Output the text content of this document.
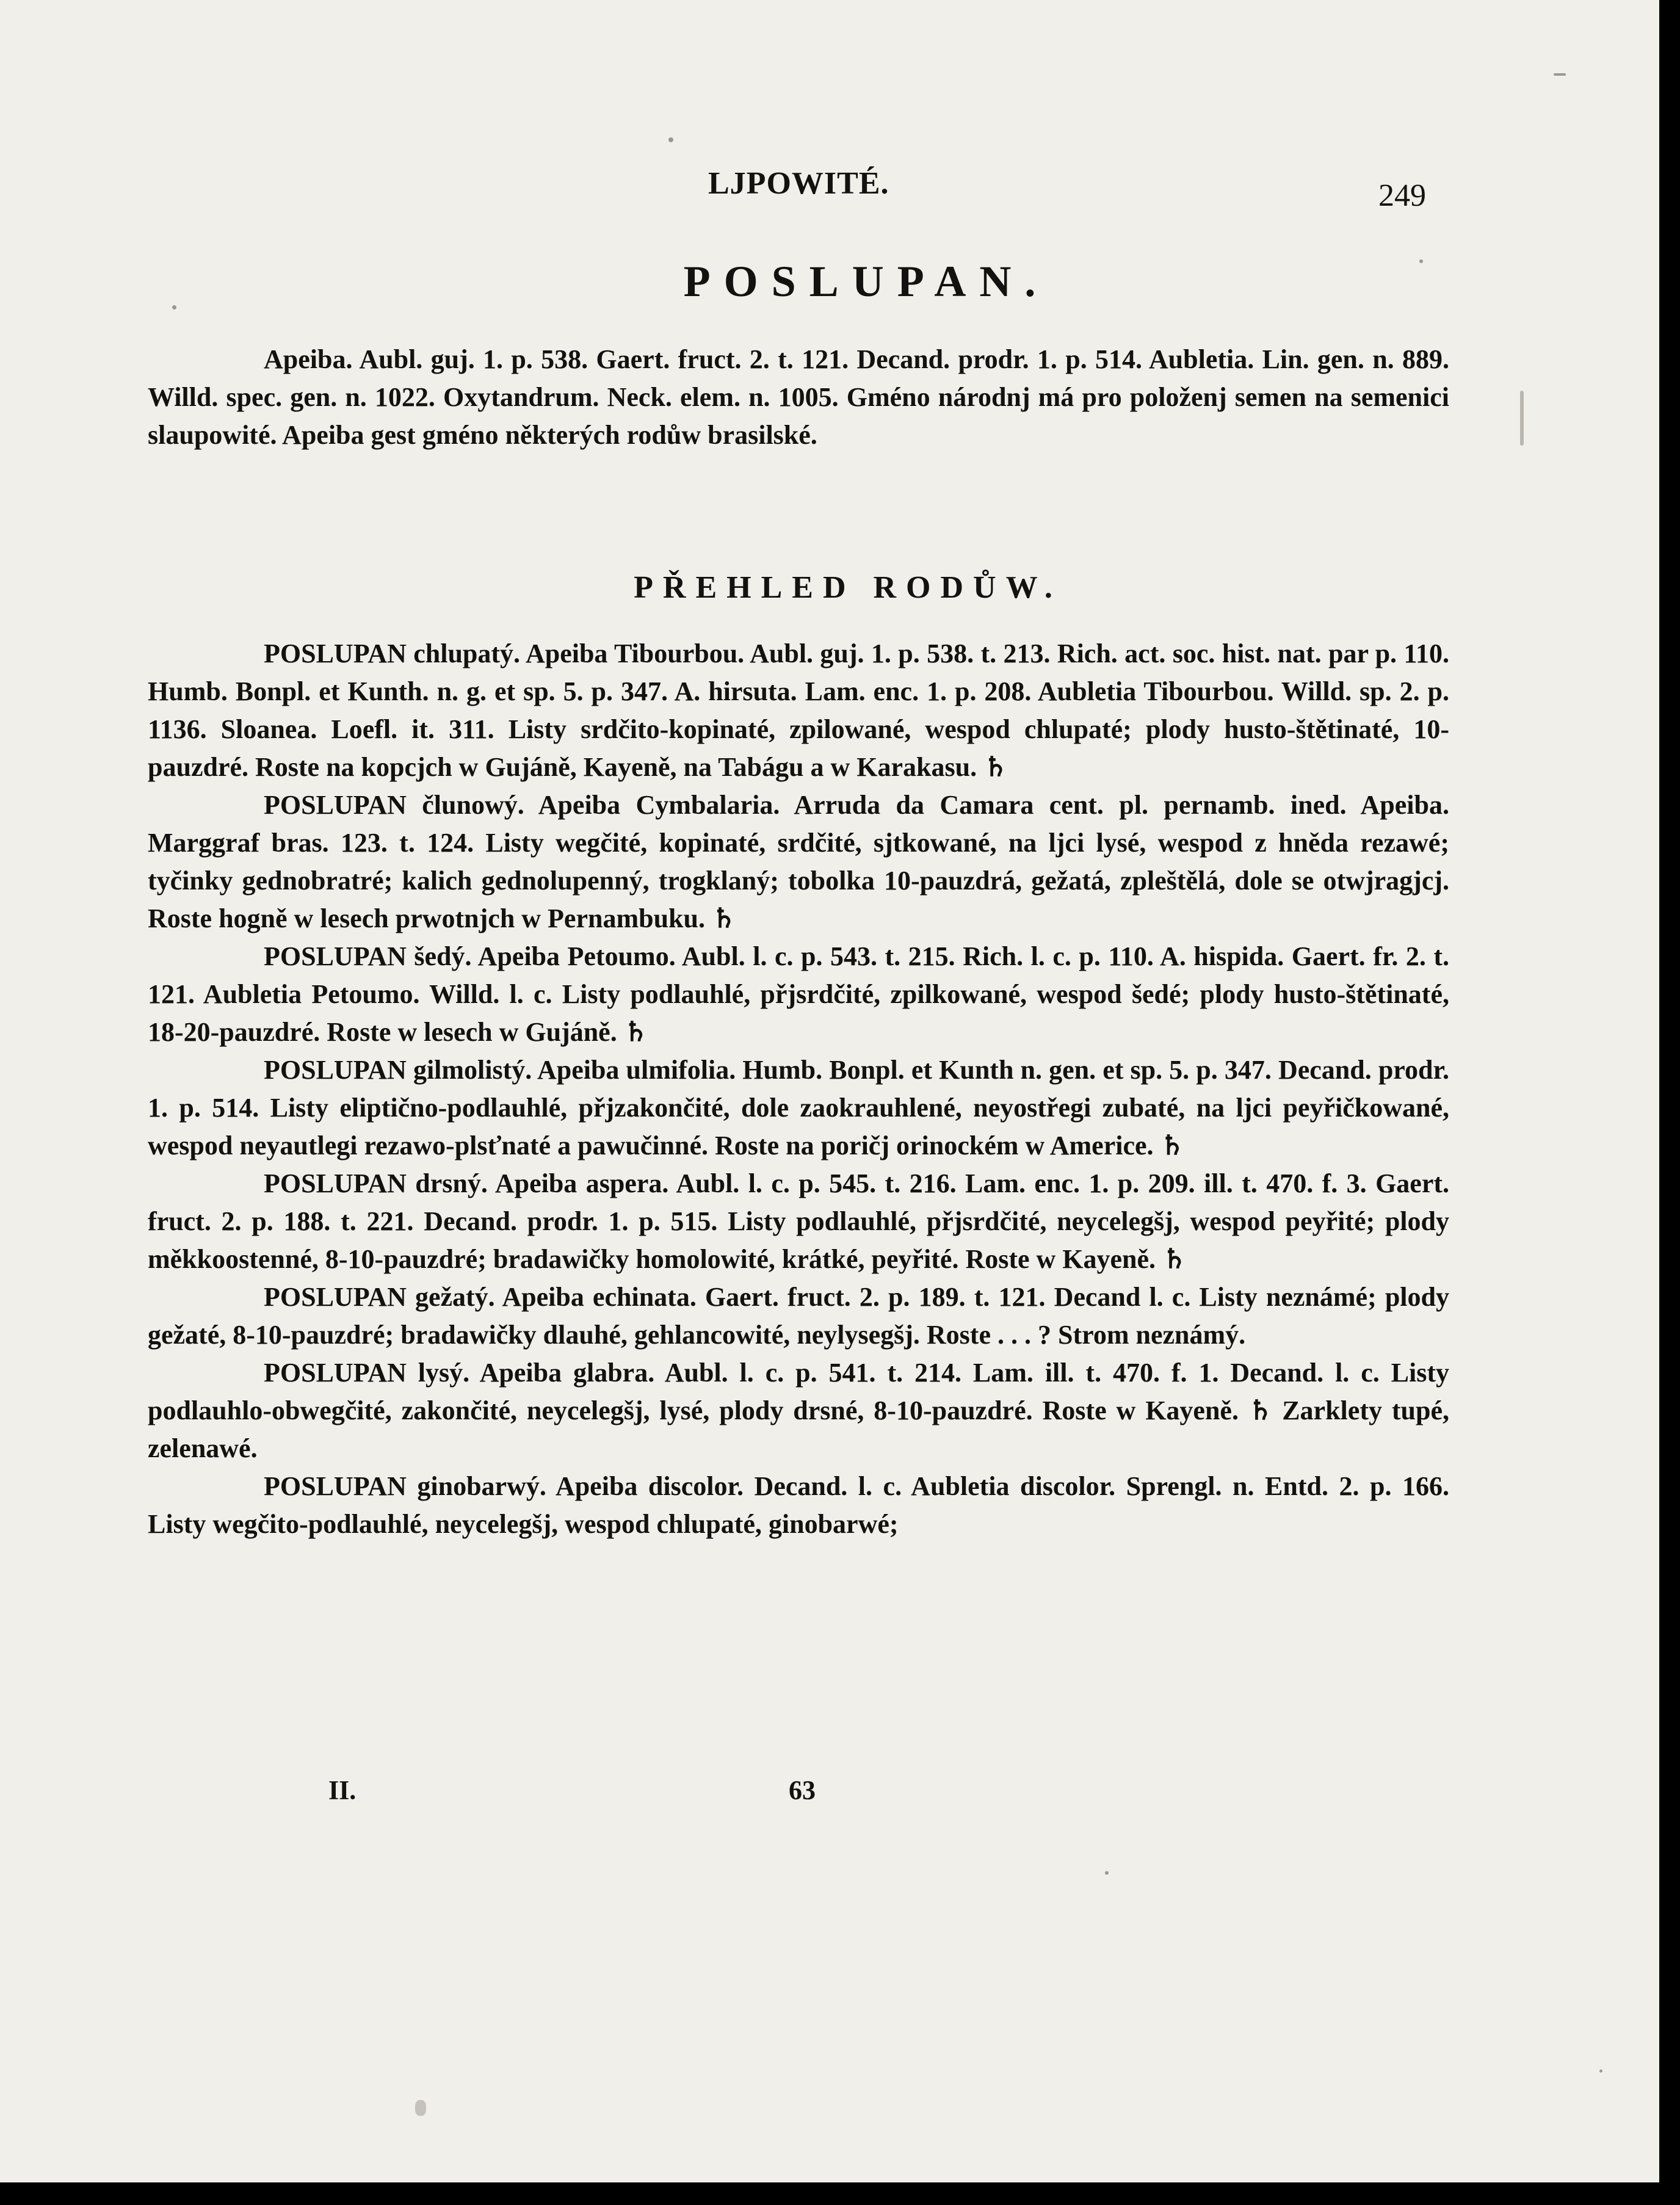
LJPOWITÉ.	249
POSLUPAN.

Apeiba. Aubl. guj. 1. p. 538. Gaert. fruct. 2. t. 121. Decand. prodr. 1. p. 514. Aubletia. Lin. gen. n. 889. Willd. spec. gen. n. 1022. Oxytandrum. Neck. elem. n. 1005. Gméno národnj má pro položenj semen na semenici slaupowité. Apeiba gest gméno některých rodůw brasilské.

PŘEHLED RODŮW.

POSLUPAN chlupatý. Apeiba Tibourbou. Aubl. guj. 1. p. 538. t. 213. Rich. act. soc. hist. nat. par p. 110. Humb. Bonpl. et Kunth. n. g. et sp. 5. p. 347. A. hirsuta. Lam. enc. 1. p. 208. Aubletia Tibourbou. Willd. sp. 2. p. 1136. Sloanea. Loefl. it. 311. Listy srdčito-kopinaté, zpilowané, wespod chlupaté; plody husto-štětinaté, 10-pauzdré. Roste na kopcjch w Gujáně, Kayeně, na Tabágu a w Karakasu. ♄

POSLUPAN člunowý. Apeiba Cymbalaria. Arruda da Camara cent. pl. pernamb. ined. Apeiba. Marggraf bras. 123. t. 124. Listy wegčité, kopinaté, srdčité, sjtkowané, na ljci lysé, wespod z hněda rezawé; tyčinky gednobratré; kalich gednolupenný, trogklaný; tobolka 10-pauzdrá, gežatá, zpleštělá, dole se otwjragjcj. Roste hogně w lesech prwotnjch w Pernambuku. ♄

POSLUPAN šedý. Apeiba Petoumo. Aubl. l. c. p. 543. t. 215. Rich. l. c. p. 110. A. hispida. Gaert. fr. 2. t. 121. Aubletia Petoumo. Willd. l. c. Listy podlauhlé, přjsrdčité, zpilkowané, wespod šedé; plody husto-štětinaté, 18-20-pauzdré. Roste w lesech w Gujáně. ♄

POSLUPAN gilmolistý. Apeiba ulmifolia. Humb. Bonpl. et Kunth n. gen. et sp. 5. p. 347. Decand. prodr. 1. p. 514. Listy eliptično-podlauhlé, přjzakončité, dole zaokrauhlené, neyostřegi zubaté, na ljci peyřičkowané, wespod neyautlegi rezawo-plsťnaté a pawučinné. Roste na poričj orinockém w Americe. ♄

POSLUPAN drsný. Apeiba aspera. Aubl. l. c. p. 545. t. 216. Lam. enc. 1. p. 209. ill. t. 470. f. 3. Gaert. fruct. 2. p. 188. t. 221. Decand. prodr. 1. p. 515. Listy podlauhlé, přjsrdčité, neycelegšj, wespod peyřité; plody měkkoostenné, 8-10-pauzdré; bradawičky homolowité, krátké, peyřité. Roste w Kayeně. ♄

POSLUPAN gežatý. Apeiba echinata. Gaert. fruct. 2. p. 189. t. 121. Decand l. c. Listy neznámé; plody gežaté, 8-10-pauzdré; bradawičky dlauhé, gehlancowité, neylysegšj. Roste . . . ? Strom neznámý.

POSLUPAN lysý. Apeiba glabra. Aubl. l. c. p. 541. t. 214. Lam. ill. t. 470. f. 1. Decand. l. c. Listy podlauhlo-obwegčité, zakončité, neycelegšj, lysé, plody drsné, 8-10-pauzdré. Roste w Kayeně. ♄ Zarklety tupé, zelenawé.

POSLUPAN ginobarwý. Apeiba discolor. Decand. l. c. Aubletia discolor. Sprengl. n. Entd. 2. p. 166. Listy wegčito-podlauhlé, neycelegšj, wespod chlupaté, ginobarwé;

II.	63
